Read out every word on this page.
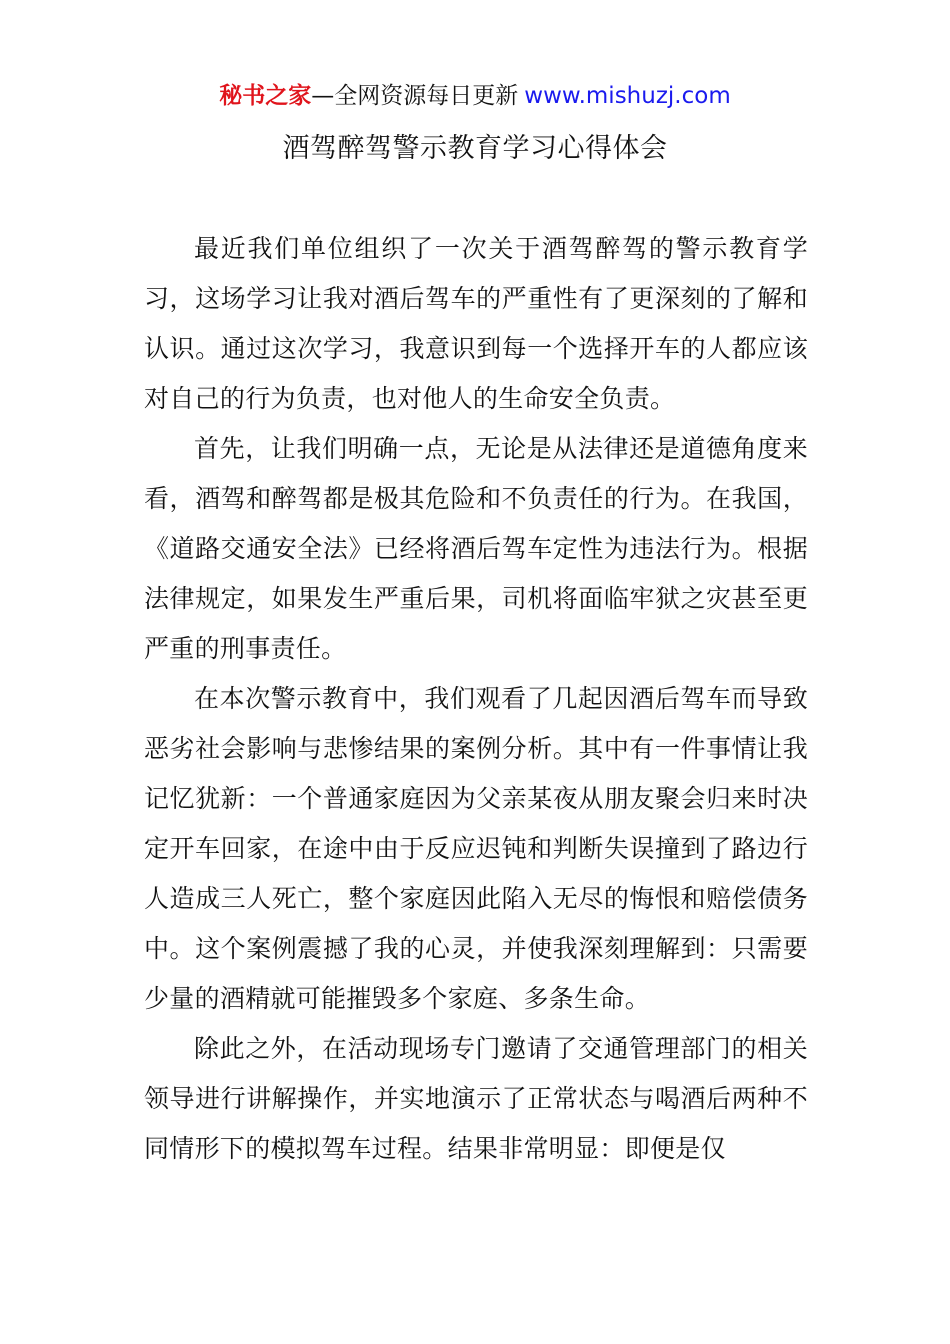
秘书之家—全网资源每日更新 www.mishuzj.com
酒驾醉驾警示教育学习心得体会

最近我们单位组织了一次关于酒驾醉驾的警示教育学习，这场学习让我对酒后驾车的严重性有了更深刻的了解和认识。通过这次学习，我意识到每一个选择开车的人都应该对自己的行为负责，也对他人的生命安全负责。

首先，让我们明确一点，无论是从法律还是道德角度来看，酒驾和醉驾都是极其危险和不负责任的行为。在我国，《道路交通安全法》已经将酒后驾车定性为违法行为。根据法律规定，如果发生严重后果，司机将面临牢狱之灾甚至更严重的刑事责任。

在本次警示教育中，我们观看了几起因酒后驾车而导致恶劣社会影响与悲惨结果的案例分析。其中有一件事情让我记忆犹新：一个普通家庭因为父亲某夜从朋友聚会归来时决定开车回家，在途中由于反应迟钝和判断失误撞到了路边行人造成三人死亡，整个家庭因此陷入无尽的悔恨和赔偿债务中。这个案例震撼了我的心灵，并使我深刻理解到：只需要少量的酒精就可能摧毁多个家庭、多条生命。

除此之外，在活动现场专门邀请了交通管理部门的相关领导进行讲解操作，并实地演示了正常状态与喝酒后两种不同情形下的模拟驾车过程。结果非常明显：即便是仅
